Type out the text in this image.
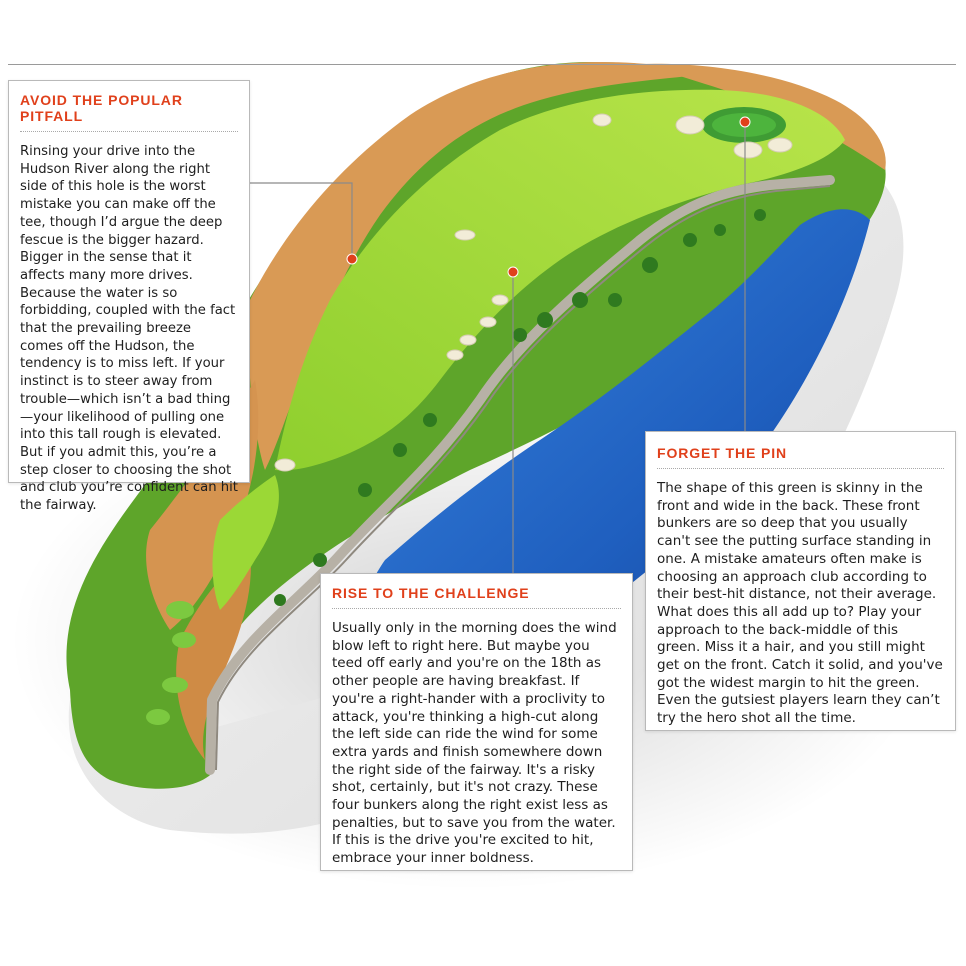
AVOID THE POPULAR PITFALL

Rinsing your drive into the Hudson River along the right side of this hole is the worst mistake you can make off the tee, though I’d argue the deep fescue is the bigger hazard. Bigger in the sense that it affects many more drives. Because the water is so forbidding, coupled with the fact that the prevailing breeze comes off the Hudson, the tendency is to miss left. If your instinct is to steer away from trouble—which isn’t a bad thing—your likelihood of pulling one into this tall rough is elevated. But if you admit this, you’re a step closer to choosing the shot and club you’re confident can hit the fairway.

FORGET THE PIN

The shape of this green is skinny in the front and wide in the back. These front bunkers are so deep that you usually can't see the putting surface standing in one. A mistake amateurs often make is choosing an approach club according to their best-hit distance, not their average. What does this all add up to? Play your approach to the back-middle of this green. Miss it a hair, and you still might get on the front. Catch it solid, and you've got the widest margin to hit the green. Even the gutsiest players learn they can’t try the hero shot all the time.

RISE TO THE CHALLENGE

Usually only in the morning does the wind blow left to right here. But maybe you teed off early and you're on the 18th as other people are having breakfast. If you're a right-hander with a proclivity to attack, you're thinking a high-cut along the left side can ride the wind for some extra yards and finish somewhere down the right side of the fairway. It's a risky shot, certainly, but it's not crazy. These four bunkers along the right exist less as penalties, but to save you from the water. If this is the drive you're excited to hit, embrace your inner boldness.
